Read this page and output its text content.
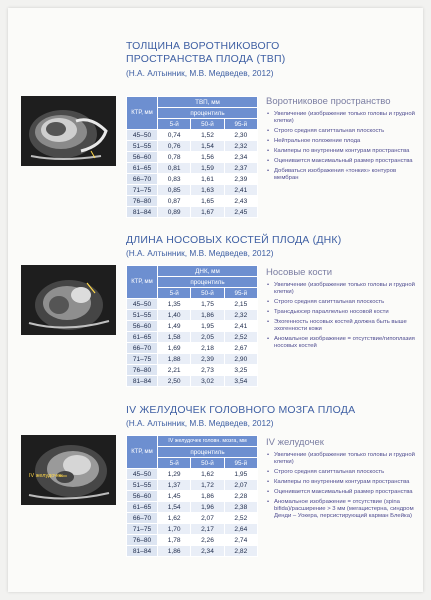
ТОЛЩИНА ВОРОТНИКОВОГО
ПРОСТРАНСТВА ПЛОДА (ТВП)
(Н.А. Алтынник, М.В. Медведев, 2012)
КТР, мм	ТВП, мм		
	процентиль		
	5-й	50-й	95-й
45–50	0,74	1,52	2,30
51–55	0,76	1,54	2,32
56–60	0,78	1,56	2,34
61–65	0,81	1,59	2,37
66–70	0,83	1,61	2,39
71–75	0,85	1,63	2,41
76–80	0,87	1,65	2,43
81–84	0,89	1,67	2,45
Воротниковое пространство
• Увеличение (изображение только головы и грудной клетки)
• Строго средняя сагиттальная плоскость
• Нейтральное положение плода
• Калиперы по внутренним контурам пространства
• Оценивается максимальный размер пространства
• Добиваться изображения «тонких» контуров мембран
ДЛИНА НОСОВЫХ КОСТЕЙ ПЛОДА (ДНК)
(Н.А. Алтынник, М.В. Медведев, 2012)
КТР, мм	ДНК, мм		
	процентиль		
	5-й	50-й	95-й
45–50	1,35	1,75	2,15
51–55	1,40	1,86	2,32
56–60	1,49	1,95	2,41
61–65	1,58	2,05	2,52
66–70	1,69	2,18	2,67
71–75	1,88	2,39	2,90
76–80	2,21	2,73	3,25
81–84	2,50	3,02	3,54
Носовые кости
• Увеличение (изображение только головы и грудной клетки)
• Строго средняя сагиттальная плоскость
• Трансдьюсер параллельно носовой кости
• Эхогенность носовых костей должна быть выше эхогенности кожи
• Аномальное изображение = отсутствие/гипоплазия носовых костей
IV ЖЕЛУДОЧЕК ГОЛОВНОГО МОЗГА ПЛОДА
(Н.А. Алтынник, М.В. Медведев, 2012)
IV желудочек
КТР, мм	IV желудочек головн. мозга, мм		
	процентиль		
	5-й	50-й	95-й
45–50	1,29	1,62	1,95
51–55	1,37	1,72	2,07
56–60	1,45	1,86	2,28
61–65	1,54	1,96	2,38
66–70	1,62	2,07	2,52
71–75	1,70	2,17	2,64
76–80	1,78	2,26	2,74
81–84	1,86	2,34	2,82
IV желудочек
• Увеличение (изображение только головы и грудной клетки)
• Строго средняя сагиттальная плоскость
• Калиперы по внутренним контурам пространства
• Оценивается максимальный размер пространства
• Аномальное изображение = отсутствие (spina bifida)/расширение > 3 мм (мегацистерна, синдром Денди – Уокера, персистирующий карман Блейка)
